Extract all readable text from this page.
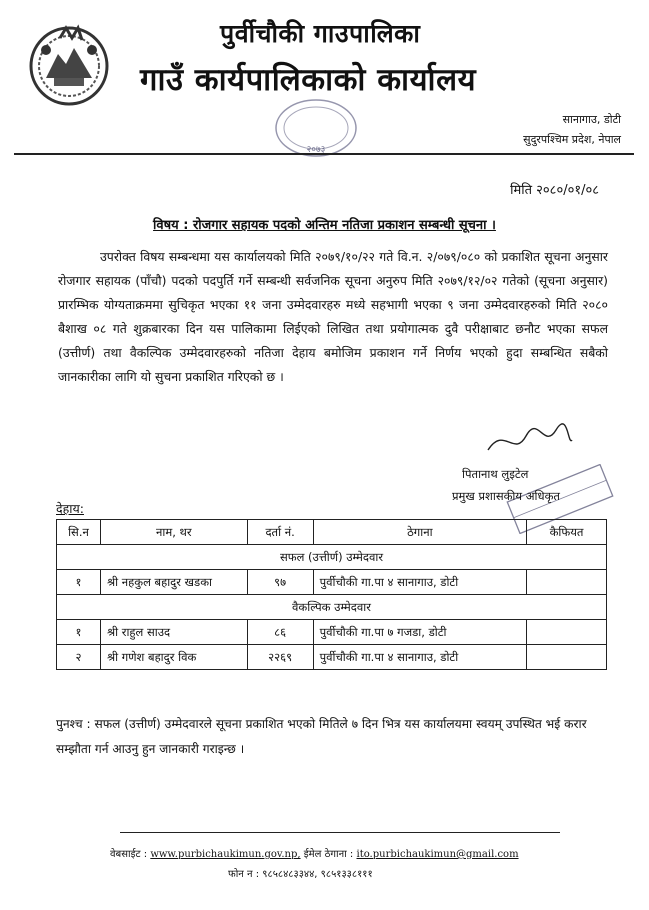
पुर्वीचौकी गाउपालिका
गाउँ कार्यपालिकाको कार्यालय
२०७३
सानागाउ, डोटी
सुदुरपश्चिम प्रदेश, नेपाल
मिति २०८०/०१/०८
विषय : रोजगार सहायक पदको अन्तिम नतिजा प्रकाशन सम्बन्धी सूचना ।
उपरोक्त विषय सम्बन्धमा यस कार्यालयको मिति २०७९/१०/२२ गते वि.न. २/०७९/०८० को प्रकाशित सूचना अनुसार रोजगार सहायक (पाँचौ) पदको पदपुर्ति गर्ने सम्बन्धी सर्वजनिक सूचना अनुरुप मिति २०७९/१२/०२ गतेको (सूचना अनुसार) प्रारम्भिक योग्यताक्रममा सुचिकृत भएका ११ जना उम्मेदवारहरु मध्ये सहभागी भएका ९ जना उम्मेदवारहरुको मिति २०८० बैशाख ०८ गते शुक्रबारका दिन यस पालिकामा लिईएको लिखित तथा प्रयोगात्मक दुवै परीक्षाबाट छनौट भएका सफल (उत्तीर्ण) तथा वैकल्पिक उम्मेदवारहरुको नतिजा देहाय बमोजिम प्रकाशन गर्ने निर्णय भएको हुदा सम्बन्धित सबैको जानकारीका लागि यो सुचना प्रकाशित गरिएको छ ।
पितानाथ लुइटेल
प्रमुख प्रशासकीय अधिकृत
देहाय:
सि.न	नाम, थर	दर्ता नं.	ठेगाना	कैफियत
सफल (उत्तीर्ण) उम्मेदवार				
१	श्री नहकुल बहादुर खडका	९७	पुर्वीचौकी गा.पा ४ सानागाउ, डोटी	
वैकल्पिक उम्मेदवार				
१	श्री राहुल साउद	८६	पुर्वीचौकी गा.पा ७ गजडा, डोटी	
२	श्री गणेश बहादुर विक	२२६९	पुर्वीचौकी गा.पा ४ सानागाउ, डोटी	
पुनश्च : सफल (उत्तीर्ण) उम्मेदवारले सूचना प्रकाशित भएको मितिले ७ दिन भित्र यस कार्यालयमा स्वयम् उपस्थित भई करार सम्झौता गर्न आउनु हुन जानकारी गराइन्छ ।
वेबसाईट : www.purbichaukimun.gov.np, ईमेल ठेगाना : ito.purbichaukimun@gmail.com
फोन न : ९८५८४८३३४४, ९८५१३३८१११
